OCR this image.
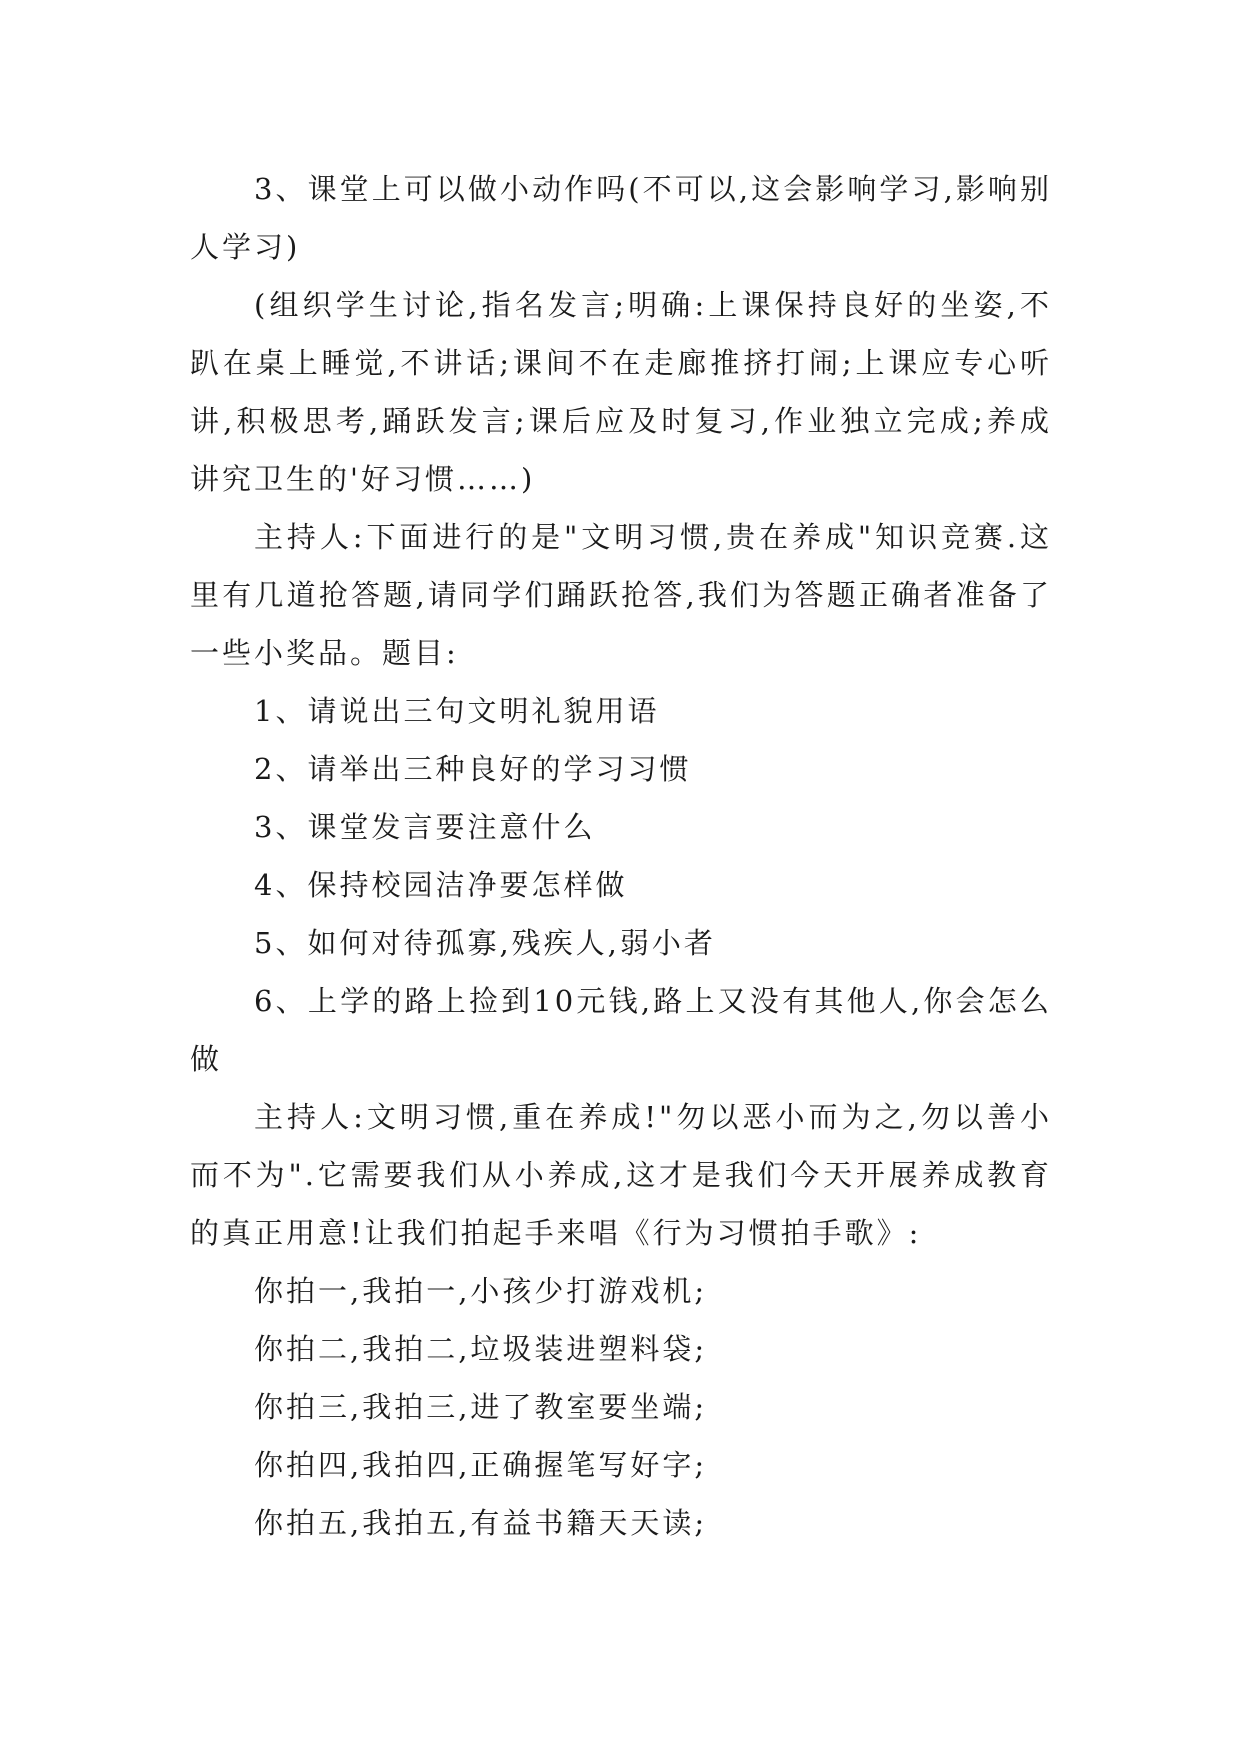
3、课堂上可以做小动作吗(不可以,这会影响学习,影响别人学习)

(组织学生讨论,指名发言;明确:上课保持良好的坐姿,不趴在桌上睡觉,不讲话;课间不在走廊推挤打闹;上课应专心听讲,积极思考,踊跃发言;课后应及时复习,作业独立完成;养成讲究卫生的'好习惯……)

主持人:下面进行的是"文明习惯,贵在养成"知识竞赛.这里有几道抢答题,请同学们踊跃抢答,我们为答题正确者准备了一些小奖品。题目:

1、请说出三句文明礼貌用语

2、请举出三种良好的学习习惯

3、课堂发言要注意什么

4、保持校园洁净要怎样做

5、如何对待孤寡,残疾人,弱小者

6、上学的路上捡到10元钱,路上又没有其他人,你会怎么做

主持人:文明习惯,重在养成!"勿以恶小而为之,勿以善小而不为".它需要我们从小养成,这才是我们今天开展养成教育的真正用意!让我们拍起手来唱《行为习惯拍手歌》:

你拍一,我拍一,小孩少打游戏机;

你拍二,我拍二,垃圾装进塑料袋;

你拍三,我拍三,进了教室要坐端;

你拍四,我拍四,正确握笔写好字;

你拍五,我拍五,有益书籍天天读;
